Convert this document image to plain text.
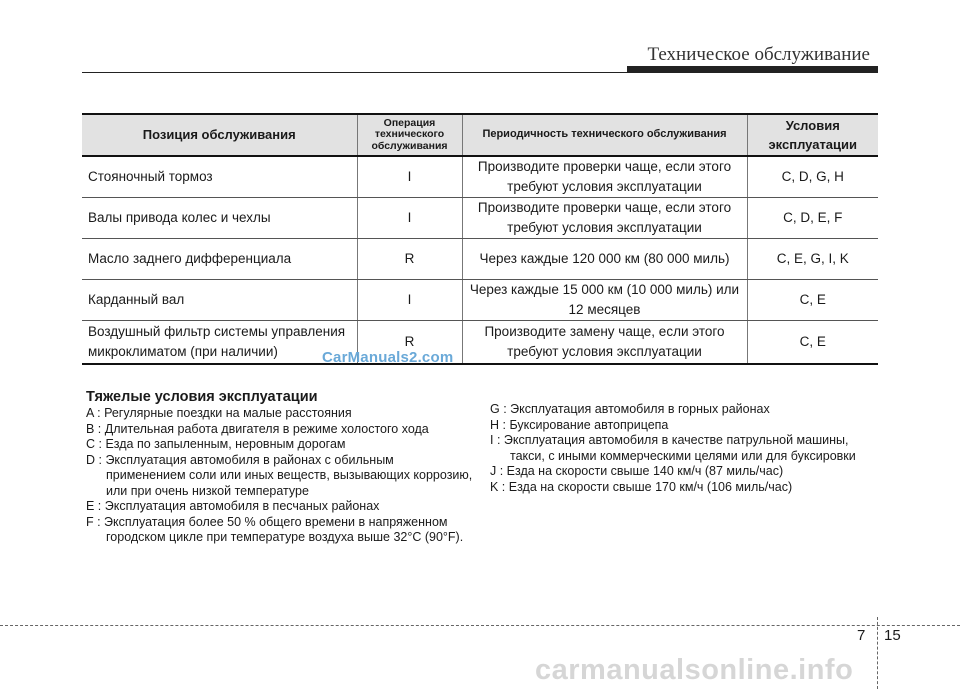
Техническое обслуживание
Позиция обслуживания	Операция технического обслуживания	Периодичность технического обслуживания	Условия эксплуатации
Стояночный тормоз	I	Производите проверки чаще, если этого требуют условия эксплуатации	C, D, G, H
Валы привода колес и чехлы	I	Производите проверки чаще, если этого требуют условия эксплуатации	C, D, E, F
Масло заднего дифференциала	R	Через каждые 120 000 км (80 000 миль)	C, E, G, I, K
Карданный вал	I	Через каждые 15 000 км (10 000 миль) или 12 месяцев	C, E
Воздушный фильтр системы управления микроклиматом (при наличии)	R	Производите замену чаще, если этого требуют условия эксплуатации	C, E
CarManuals2.com
Тяжелые условия эксплуатации
A : Регулярные поездки на малые расстояния
B : Длительная работа двигателя в режиме холостого хода
C : Езда по запыленным, неровным дорогам
D : Эксплуатация автомобиля в районах с обильным применением соли или иных веществ, вызывающих коррозию, или при очень низкой температуре
E : Эксплуатация автомобиля в песчаных районах
F : Эксплуатация более 50 % общего времени в напряженном городском цикле при температуре воздуха выше 32°C (90°F).
G : Эксплуатация автомобиля в горных районах
H : Буксирование автоприцепа
I : Эксплуатация автомобиля в качестве патрульной машины, такси, с иными коммерческими целями или для буксировки
J : Езда на скорости свыше 140 км/ч (87 миль/час)
K : Езда на скорости свыше 170 км/ч (106 миль/час)
7 15
carmanualsonline.info
